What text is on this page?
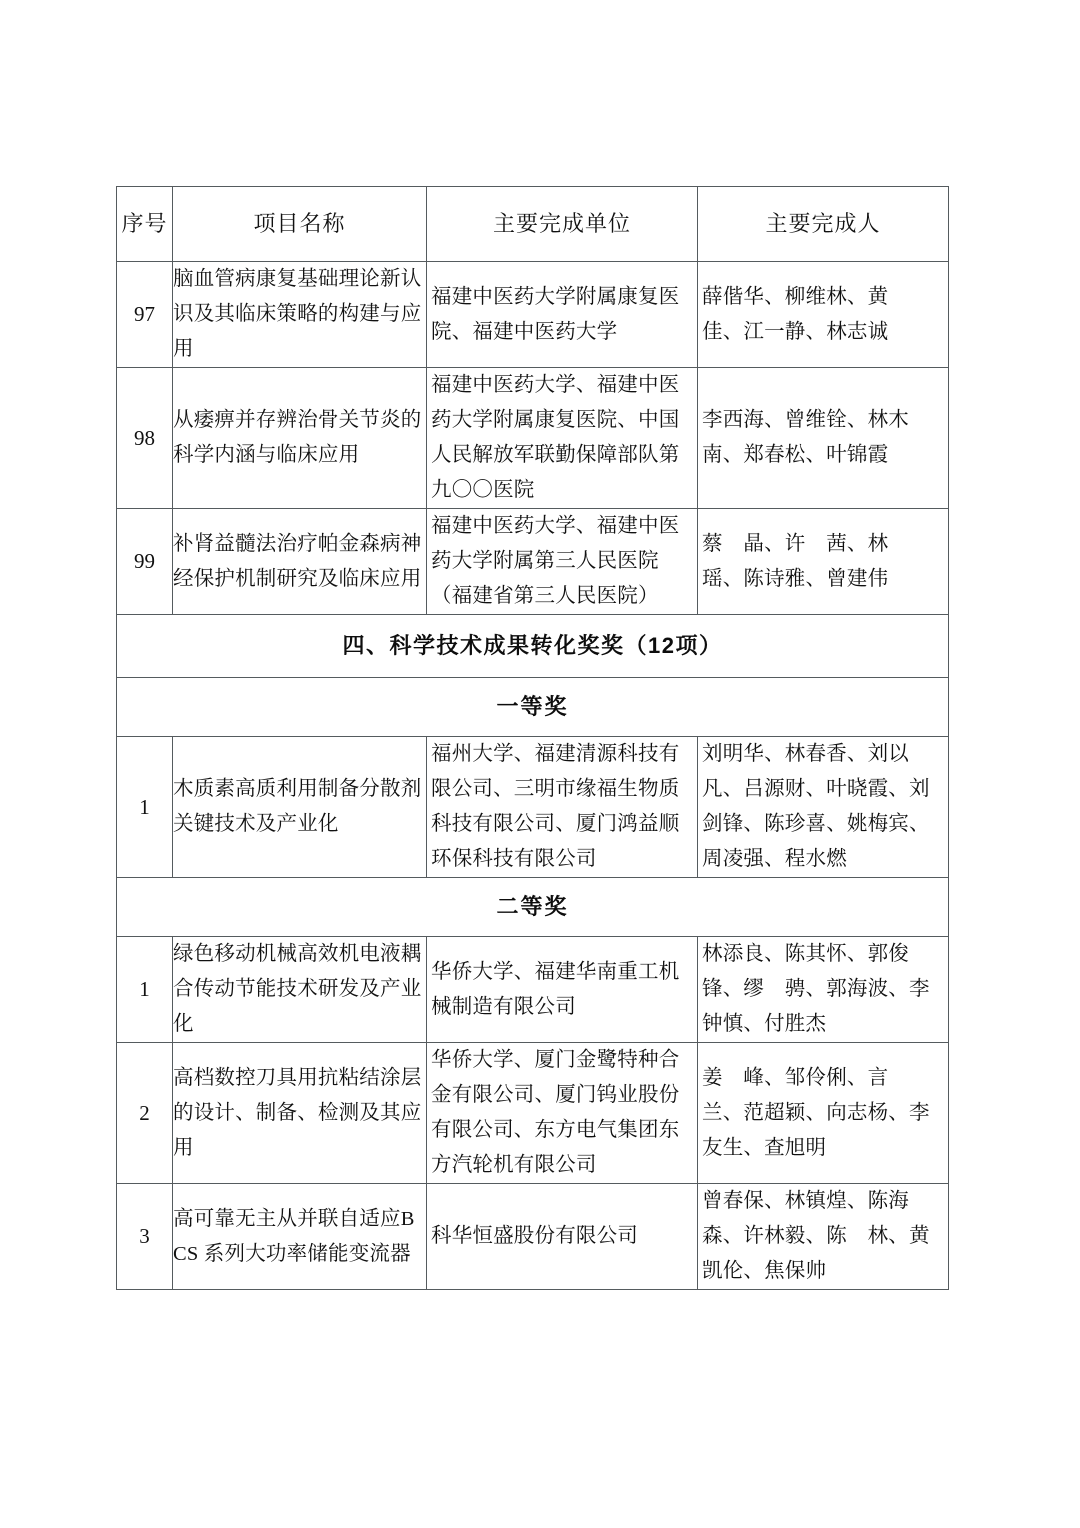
序号	项目名称	主要完成单位	主要完成人
97	脑血管病康复基础理论新认识及其临床策略的构建与应用	福建中医药大学附属康复医院、福建中医药大学	薛偕华、柳维林、黄　佳、江一静、林志诚
98	从痿痹并存辨治骨关节炎的科学内涵与临床应用	福建中医药大学、福建中医药大学附属康复医院、中国人民解放军联勤保障部队第九〇〇医院	李西海、曾维铨、林木南、郑春松、叶锦霞
99	补肾益髓法治疗帕金森病神经保护机制研究及临床应用	福建中医药大学、福建中医药大学附属第三人民医院（福建省第三人民医院）	蔡　晶、许　茜、林　瑶、陈诗雅、曾建伟
四、科学技术成果转化奖奖（12项）			
一等奖			
1	木质素高质利用制备分散剂关键技术及产业化	福州大学、福建清源科技有限公司、三明市缘福生物质科技有限公司、厦门鸿益顺环保科技有限公司	刘明华、林春香、刘以凡、吕源财、叶晓霞、刘剑锋、陈珍喜、姚梅宾、周凌强、程水燃
二等奖			
1	绿色移动机械高效机电液耦合传动节能技术研发及产业化	华侨大学、福建华南重工机械制造有限公司	林添良、陈其怀、郭俊锋、缪　骋、郭海波、李钟慎、付胜杰
2	高档数控刀具用抗粘结涂层的设计、制备、检测及其应用	华侨大学、厦门金鹭特种合金有限公司、厦门钨业股份有限公司、东方电气集团东方汽轮机有限公司	姜　峰、邹伶俐、言　兰、范超颖、向志杨、李友生、查旭明
3	高可靠无主从并联自适应BCS 系列大功率储能变流器	科华恒盛股份有限公司	曾春保、林镇煌、陈海森、许林毅、陈　林、黄凯伦、焦保帅
